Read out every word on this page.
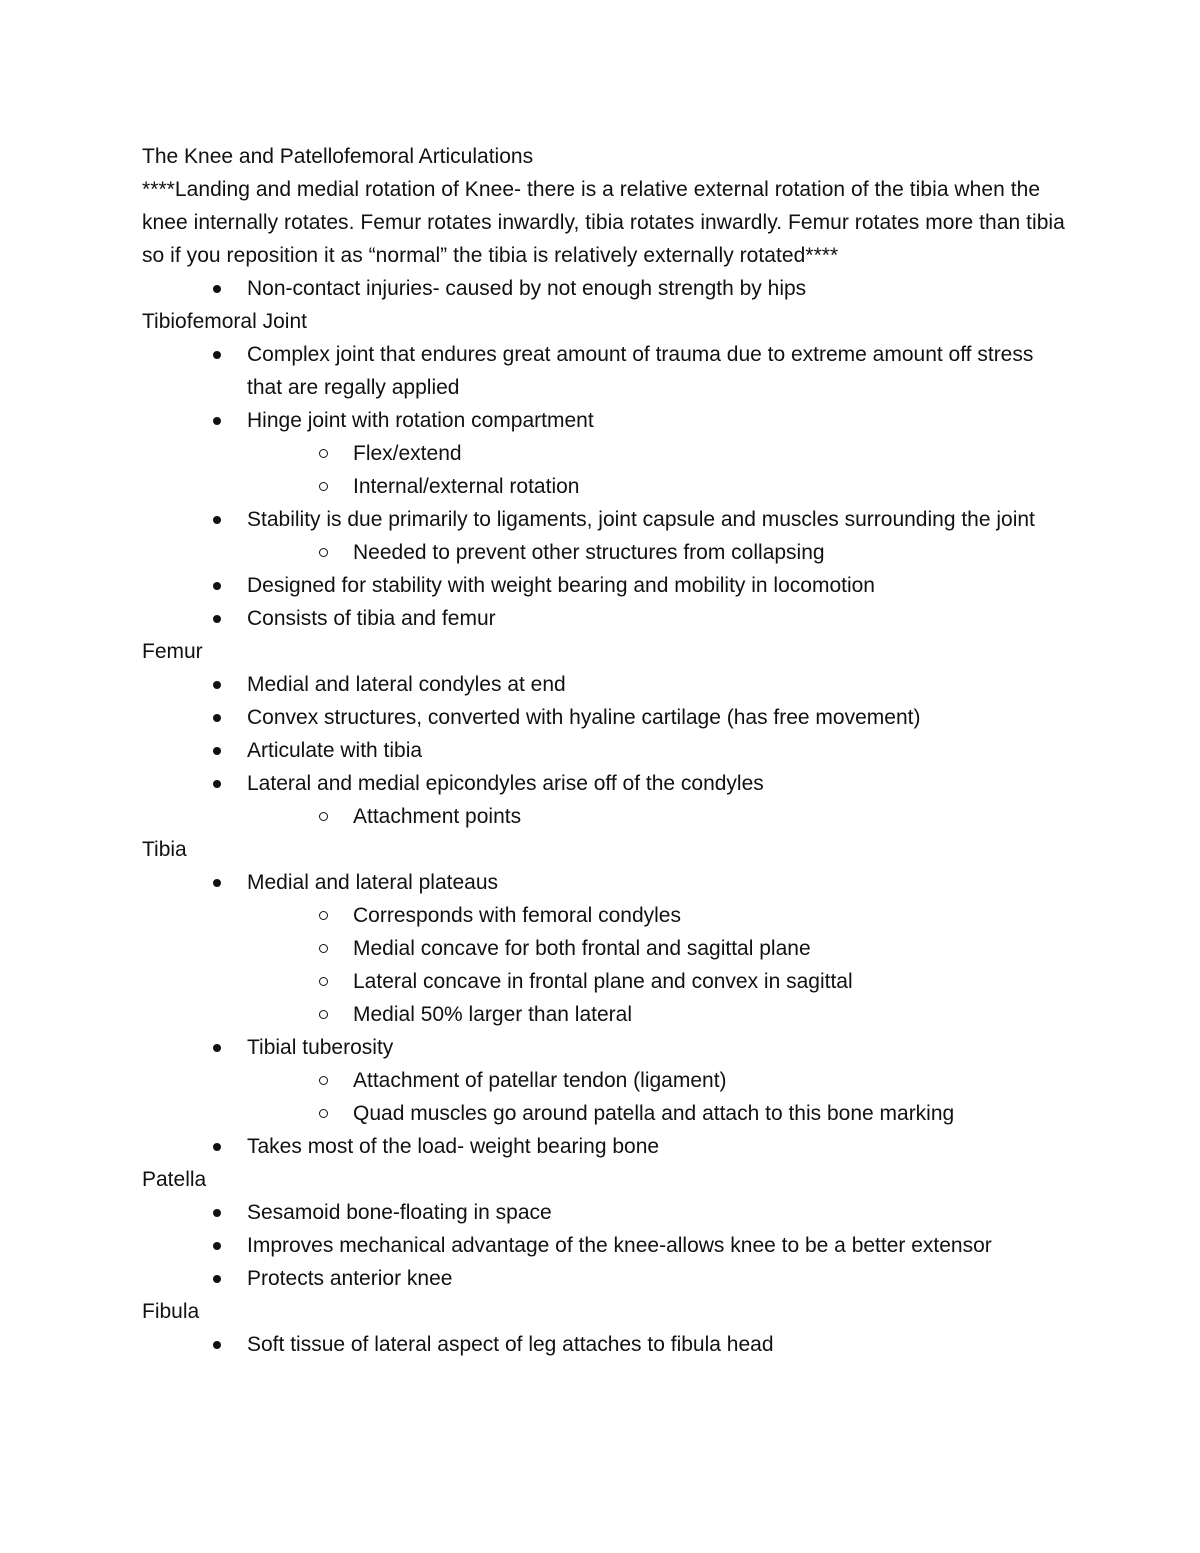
The Knee and Patellofemoral Articulations

****Landing and medial rotation of Knee- there is a relative external rotation of the tibia when the knee internally rotates. Femur rotates inwardly, tibia rotates inwardly. Femur rotates more than tibia so if you reposition it as “normal” the tibia is relatively externally rotated****

Non-contact injuries- caused by not enough strength by hips

Tibiofemoral Joint

Complex joint that endures great amount of trauma due to extreme amount off stress that are regally applied
Hinge joint with rotation compartment
Flex/extend
Internal/external rotation
Stability is due primarily to ligaments, joint capsule and muscles surrounding the joint
Needed to prevent other structures from collapsing
Designed for stability with weight bearing and mobility in locomotion
Consists of tibia and femur

Femur

Medial and lateral condyles at end
Convex structures, converted with hyaline cartilage (has free movement)
Articulate with tibia
Lateral and medial epicondyles arise off of the condyles
Attachment points

Tibia

Medial and lateral plateaus
Corresponds with femoral condyles
Medial concave for both frontal and sagittal plane
Lateral concave in frontal plane and convex in sagittal
Medial 50% larger than lateral
Tibial tuberosity
Attachment of patellar tendon (ligament)
Quad muscles go around patella and attach to this bone marking
Takes most of the load- weight bearing bone

Patella

Sesamoid bone-floating in space
Improves mechanical advantage of the knee-allows knee to be a better extensor
Protects anterior knee

Fibula

Soft tissue of lateral aspect of leg attaches to fibula head
